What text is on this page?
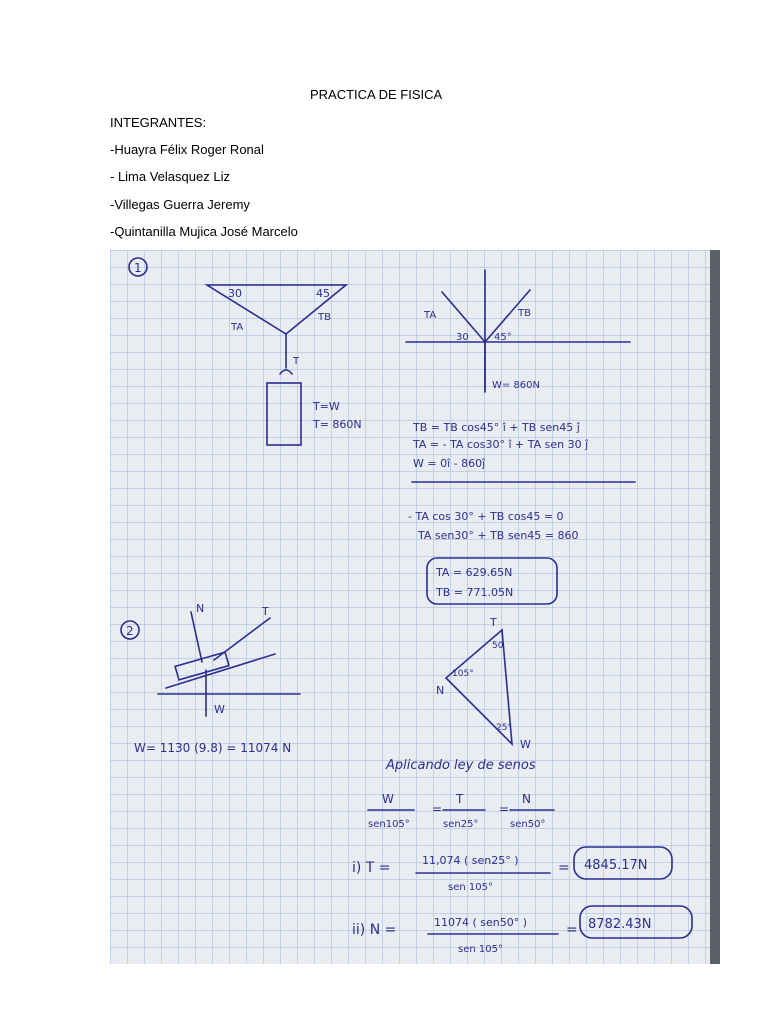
PRACTICA DE FISICA
INTEGRANTES:
-Huayra Félix Roger Ronal
- Lima Velasquez Liz
-Villegas Guerra Jeremy
-Quintanilla Mujica José Marcelo
1
30	45
TA
TB
T
T=W
T= 860N
TA	TB
30	45°
W= 860N
TB = TB cos45° î + TB sen45 ĵ
TA = - TA cos30° î + TA sen 30 ĵ
W = 0î - 860ĵ
- TA cos 30° + TB cos45 = 0
TA sen30° + TB sen45 = 860
TA = 629.65N
TB = 771.05N
2
N	T
W
W= 1130 (9.8) = 11074 N
T
N
W
50
105°
25°
Aplicando ley de senos
W
sen105°
=
T
sen25°
=
N
sen50°
i) T =	11,074 ( sen25° )
sen 105°
= 4845.17N
ii) N =	11074 ( sen50° )
sen 105°
= 8782.43N
